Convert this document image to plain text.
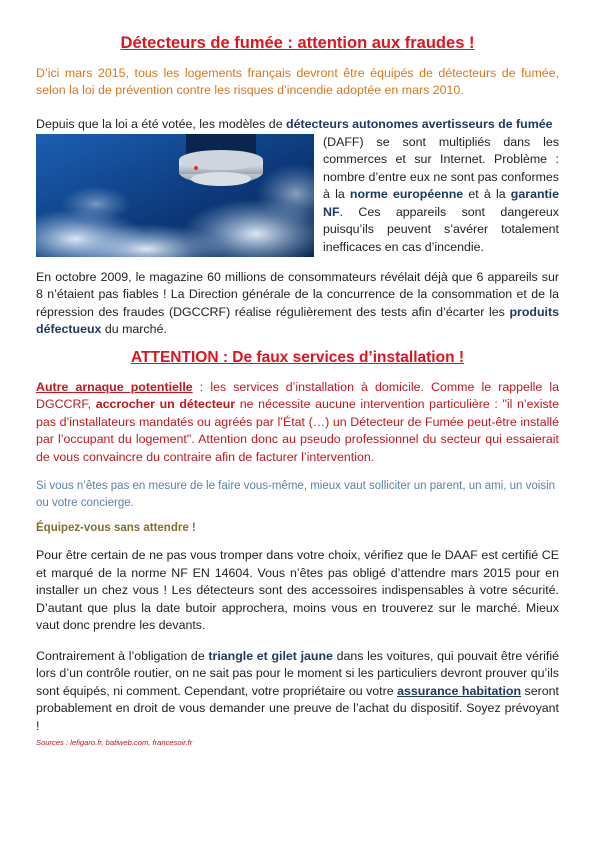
Détecteurs de fumée : attention aux fraudes !

D’ici mars 2015, tous les logements français devront être équipés de détecteurs de fumée, selon la loi de prévention contre les risques d’incendie adoptée en mars 2010.

Depuis que la loi a été votée, les modèles de détecteurs autonomes avertisseurs de fumée

(DAFF) se sont multipliés dans les commerces et sur Internet. Problème : nombre d’entre eux ne sont pas conformes à la norme européenne et à la garantie NF. Ces appareils sont dangereux puisqu’ils peuvent s’avérer totalement inefficaces en cas d’incendie.

En octobre 2009, le magazine 60 millions de consommateurs révélait déjà que 6 appareils sur 8 n’étaient pas fiables ! La Direction générale de la concurrence de la consommation et de la répression des fraudes (DGCCRF) réalise régulièrement des tests afin d’écarter les produits défectueux du marché.

ATTENTION : De faux services d’installation !

Autre arnaque potentielle : les services d’installation à domicile. Comme le rappelle la DGCCRF, accrocher un détecteur ne nécessite aucune intervention particulière : "il n’existe pas d’installateurs mandatés ou agréés par l’État (…) un Détecteur de Fumée peut-être installé par l’occupant du logement". Attention donc au pseudo professionnel du secteur qui essaierait de vous convaincre du contraire afin de facturer l’intervention.

Si vous n’êtes pas en mesure de le faire vous-même, mieux vaut solliciter un parent, un ami, un voisin ou votre concierge.

Équipez-vous sans attendre !

Pour être certain de ne pas vous tromper dans votre choix, vérifiez que le DAAF est certifié CE et marqué de la norme NF EN 14604. Vous n’êtes pas obligé d’attendre mars 2015 pour en installer un chez vous ! Les détecteurs sont des accessoires indispensables à votre sécurité. D’autant que plus la date butoir approchera, moins vous en trouverez sur le marché. Mieux vaut donc prendre les devants.

Contrairement à l’obligation de triangle et gilet jaune dans les voitures, qui pouvait être vérifié lors d’un contrôle routier, on ne sait pas pour le moment si les particuliers devront prouver qu’ils sont équipés, ni comment. Cependant, votre propriétaire ou votre assurance habitation seront probablement en droit de vous demander une preuve de l’achat du dispositif. Soyez prévoyant !

Sources : lefigaro.fr, batiweb.com, francesoir.fr
